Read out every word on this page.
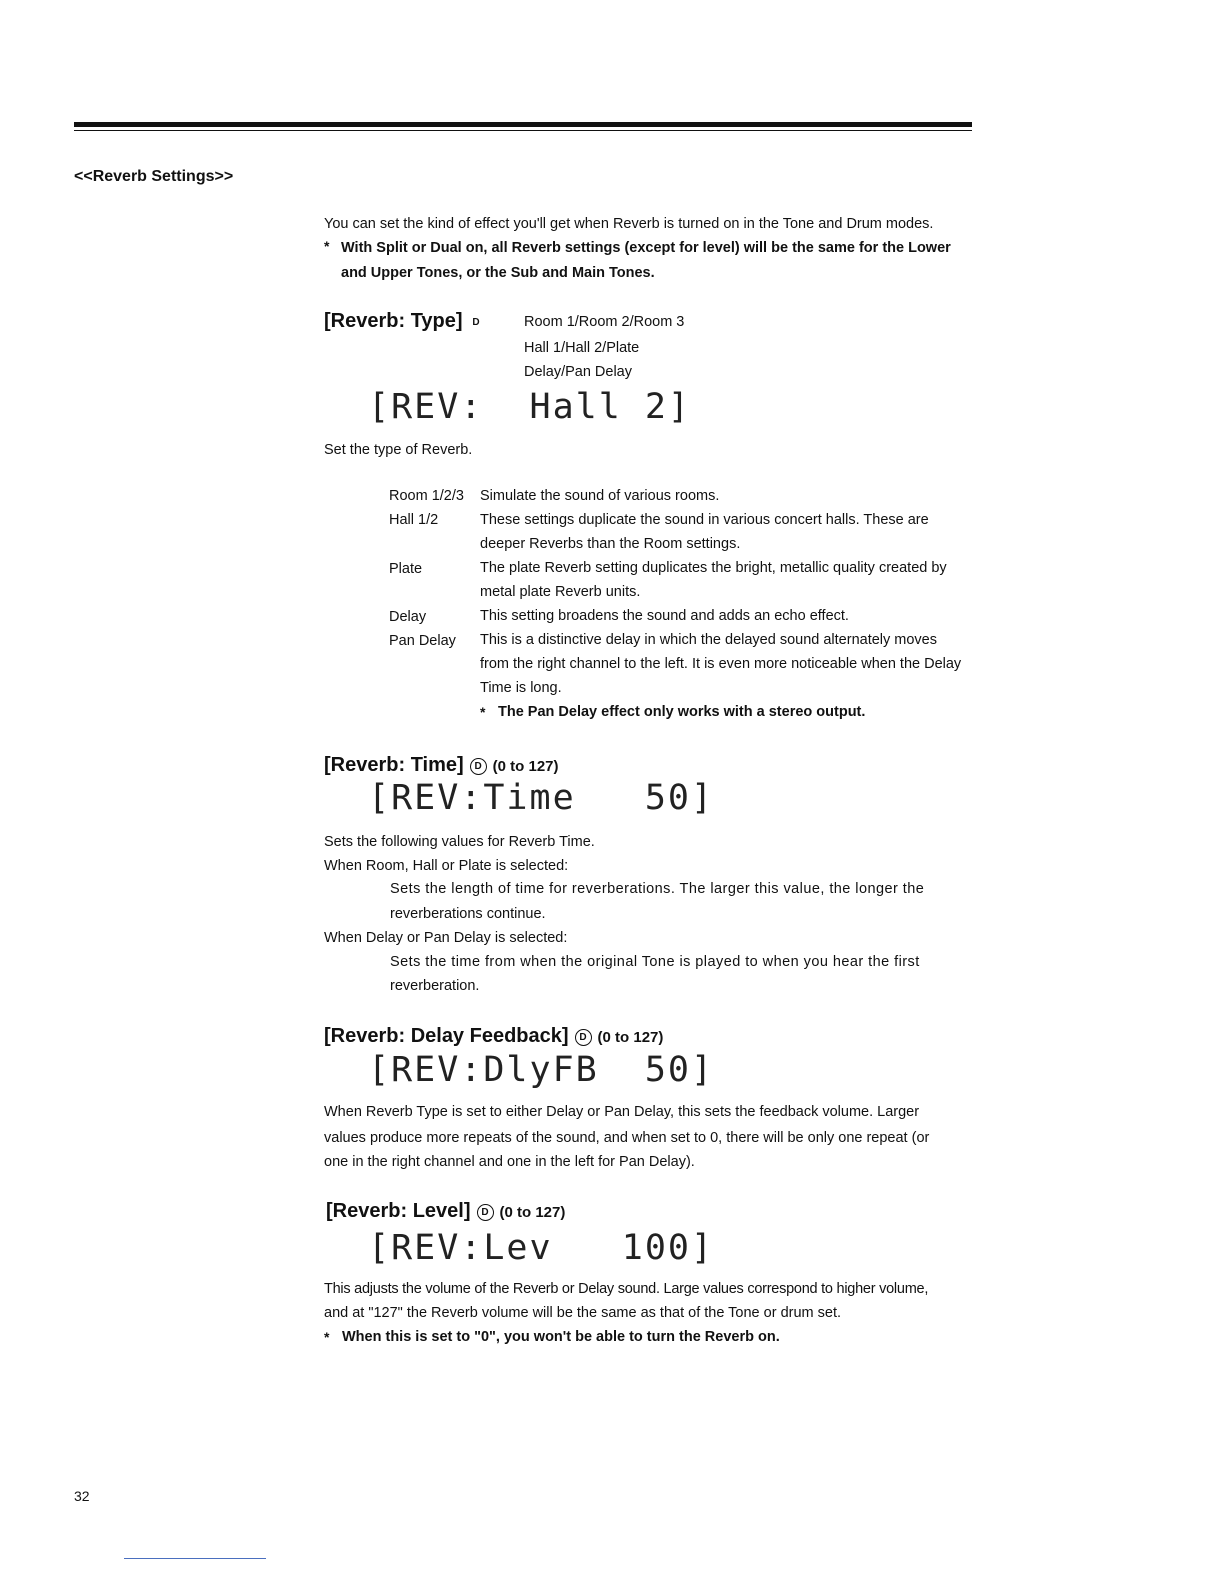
<<Reverb Settings>>
You can set the kind of effect you'll get when Reverb is turned on in the Tone and Drum modes.
* With Split or Dual on, all Reverb settings (except for level) will be the same for the Lower
and Upper Tones, or the Sub and Main Tones.
[Reverb: Type] D	Room 1/Room 2/Room 3
Hall 1/Hall 2/Plate
Delay/Pan Delay
[REV:  Hall 2]
Set the type of Reverb.
Room 1/2/3 Simulate the sound of various rooms.
Hall 1/2	These settings duplicate the sound in various concert halls. These are
deeper Reverbs than the Room settings.
Plate	The plate Reverb setting duplicates the bright, metallic quality created by
metal plate Reverb units.
Delay	This setting broadens the sound and adds an echo effect.
Pan Delay This is a distinctive delay in which the delayed sound alternately moves
from the right channel to the left. It is even more noticeable when the Delay
Time is long.
* The Pan Delay effect only works with a stereo output.
[Reverb: Time] D (0 to 127)
[REV:Time   50]
Sets the following values for Reverb Time.
When Room, Hall or Plate is selected:
Sets the length of time for reverberations. The larger this value, the longer the
reverberations continue.
When Delay or Pan Delay is selected:
Sets the time from when the original Tone is played to when you hear the first
reverberation.
[Reverb: Delay Feedback] D (0 to 127)
[REV:DlyFB  50]
When Reverb Type is set to either Delay or Pan Delay, this sets the feedback volume. Larger
values produce more repeats of the sound, and when set to 0, there will be only one repeat (or
one in the right channel and one in the left for Pan Delay).
[Reverb: Level] D (0 to 127)
[REV:Lev   100]
This adjusts the volume of the Reverb or Delay sound. Large values correspond to higher volume,
and at "127" the Reverb volume will be the same as that of the Tone or drum set.
* When this is set to "0", you won't be able to turn the Reverb on.
32
